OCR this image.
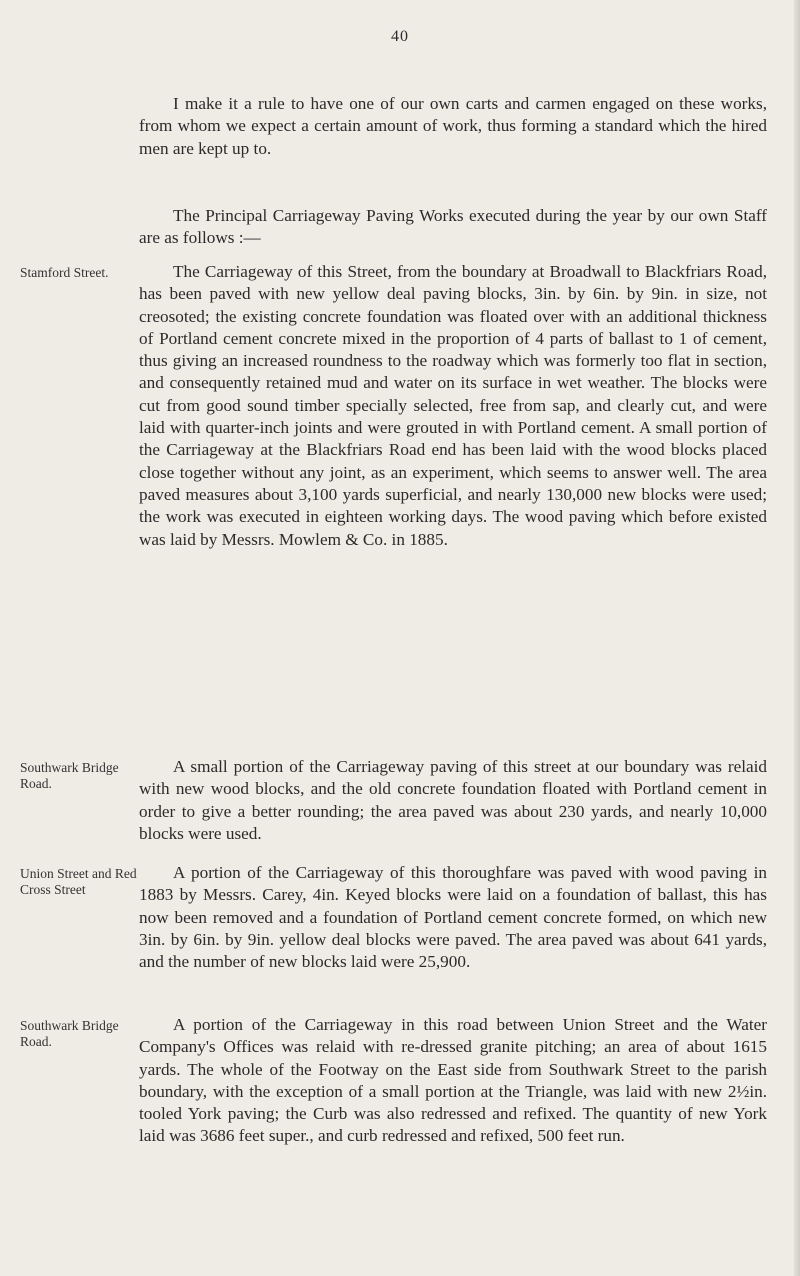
40

I make it a rule to have one of our own carts and carmen engaged on these works, from whom we expect a certain amount of work, thus forming a standard which the hired men are kept up to.

The Principal Carriageway Paving Works executed during the year by our own Staff are as follows :—

Stamford Street.	The Carriageway of this Street, from the boundary at Broadwall to Blackfriars Road, has been paved with new yellow deal paving blocks, 3in. by 6in. by 9in. in size, not creosoted; the existing concrete foundation was floated over with an additional thickness of Portland cement concrete mixed in the proportion of 4 parts of ballast to 1 of cement, thus giving an increased roundness to the roadway which was formerly too flat in section, and consequently retained mud and water on its surface in wet weather. The blocks were cut from good sound timber specially selected, free from sap, and clearly cut, and were laid with quarter-inch joints and were grouted in with Portland cement. A small portion of the Carriageway at the Blackfriars Road end has been laid with the wood blocks placed close together without any joint, as an experiment, which seems to answer well. The area paved measures about 3,100 yards superficial, and nearly 130,000 new blocks were used; the work was executed in eighteen working days. The wood paving which before existed was laid by Messrs. Mowlem & Co. in 1885.

Southwark Bridge Road.

A small portion of the Carriageway paving of this street at our boundary was relaid with new wood blocks, and the old concrete foundation floated with Portland cement in order to give a better rounding; the area paved was about 230 yards, and nearly 10,000 blocks were used.

Union Street and Red Cross Street

A portion of the Carriageway of this thoroughfare was paved with wood paving in 1883 by Messrs. Carey, 4in. Keyed blocks were laid on a foundation of ballast, this has now been removed and a foundation of Portland cement concrete formed, on which new 3in. by 6in. by 9in. yellow deal blocks were paved. The area paved was about 641 yards, and the number of new blocks laid were 25,900.

Southwark Bridge Road.

A portion of the Carriageway in this road between Union Street and the Water Company's Offices was relaid with re-dressed granite pitching; an area of about 1615 yards. The whole of the Footway on the East side from Southwark Street to the parish boundary, with the exception of a small portion at the Triangle, was laid with new 2½in. tooled York paving; the Curb was also redressed and refixed. The quantity of new York laid was 3686 feet super., and curb redressed and refixed, 500 feet run.
